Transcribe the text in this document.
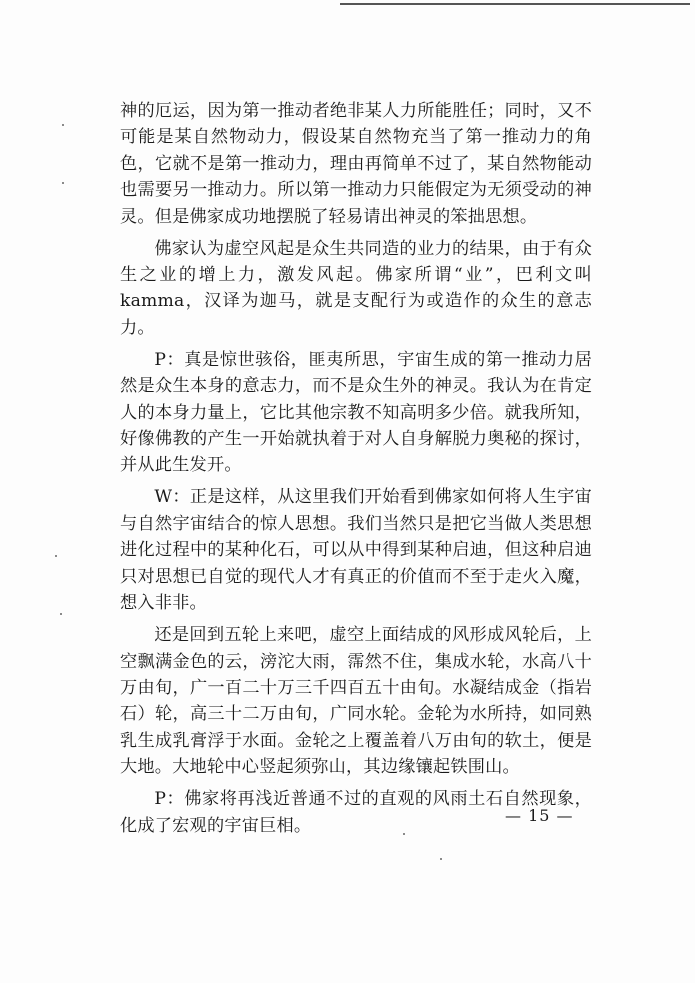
神的厄运，因为第一推动者绝非某人力所能胜任；同时，又不可能是某自然物动力，假设某自然物充当了第一推动力的角色，它就不是第一推动力，理由再简单不过了，某自然物能动也需要另一推动力。所以第一推动力只能假定为无须受动的神灵。但是佛家成功地摆脱了轻易请出神灵的笨拙思想。

佛家认为虚空风起是众生共同造的业力的结果，由于有众生之业的增上力，激发风起。佛家所谓“业”，巴利文叫kamma，汉译为迦马，就是支配行为或造作的众生的意志力。

P：真是惊世骇俗，匪夷所思，宇宙生成的第一推动力居然是众生本身的意志力，而不是众生外的神灵。我认为在肯定人的本身力量上，它比其他宗教不知高明多少倍。就我所知，好像佛教的产生一开始就执着于对人自身解脱力奥秘的探讨，并从此生发开。

W：正是这样，从这里我们开始看到佛家如何将人生宇宙与自然宇宙结合的惊人思想。我们当然只是把它当做人类思想进化过程中的某种化石，可以从中得到某种启迪，但这种启迪只对思想已自觉的现代人才有真正的价值而不至于走火入魔，想入非非。

还是回到五轮上来吧，虚空上面结成的风形成风轮后，上空飘满金色的云，滂沱大雨，霈然不住，集成水轮，水高八十万由旬，广一百二十万三千四百五十由旬。水凝结成金（指岩石）轮，高三十二万由旬，广同水轮。金轮为水所持，如同熟乳生成乳膏浮于水面。金轮之上覆盖着八万由旬的软土，便是大地。大地轮中心竖起须弥山，其边缘镶起铁围山。

P：佛家将再浅近普通不过的直观的风雨土石自然现象，化成了宏观的宇宙巨相。

— 15 —
